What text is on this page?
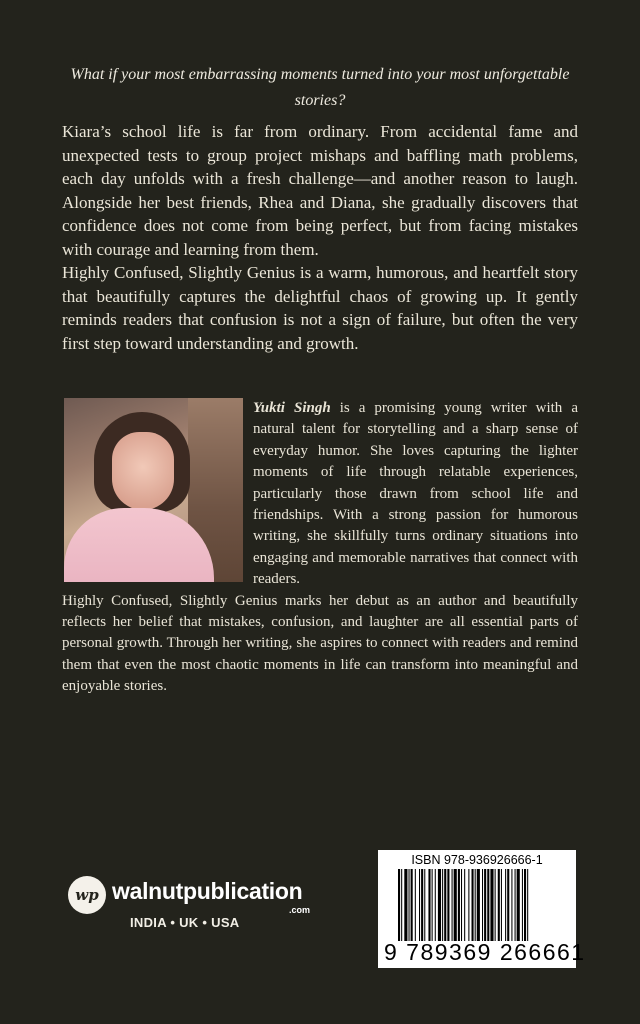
What if your most embarrassing moments turned into your most unforgettable stories?

Kiara’s school life is far from ordinary. From accidental fame and unexpected tests to group project mishaps and baffling math problems, each day unfolds with a fresh challenge—and another reason to laugh. Alongside her best friends, Rhea and Diana, she gradually discovers that confidence does not come from being perfect, but from facing mistakes with courage and learning from them.

Highly Confused, Slightly Genius is a warm, humorous, and heartfelt story that beautifully captures the delightful chaos of growing up. It gently reminds readers that confusion is not a sign of failure, but often the very first step toward understanding and growth.

Yukti Singh is a promising young writer with a natural talent for storytelling and a sharp sense of everyday humor. She loves capturing the lighter moments of life through relatable experiences, particularly those drawn from school life and friendships. With a strong passion for humorous writing, she skillfully turns ordinary situations into engaging and memorable narratives that connect with readers.

Highly Confused, Slightly Genius marks her debut as an author and beautifully reflects her belief that mistakes, confusion, and laughter are all essential parts of personal growth. Through her writing, she aspires to connect with readers and remind them that even the most chaotic moments in life can transform into meaningful and enjoyable stories.

wp walnutpublication
.com
INDIA • UK • USA
ISBN 978-936926666-1
9 789369 266661
